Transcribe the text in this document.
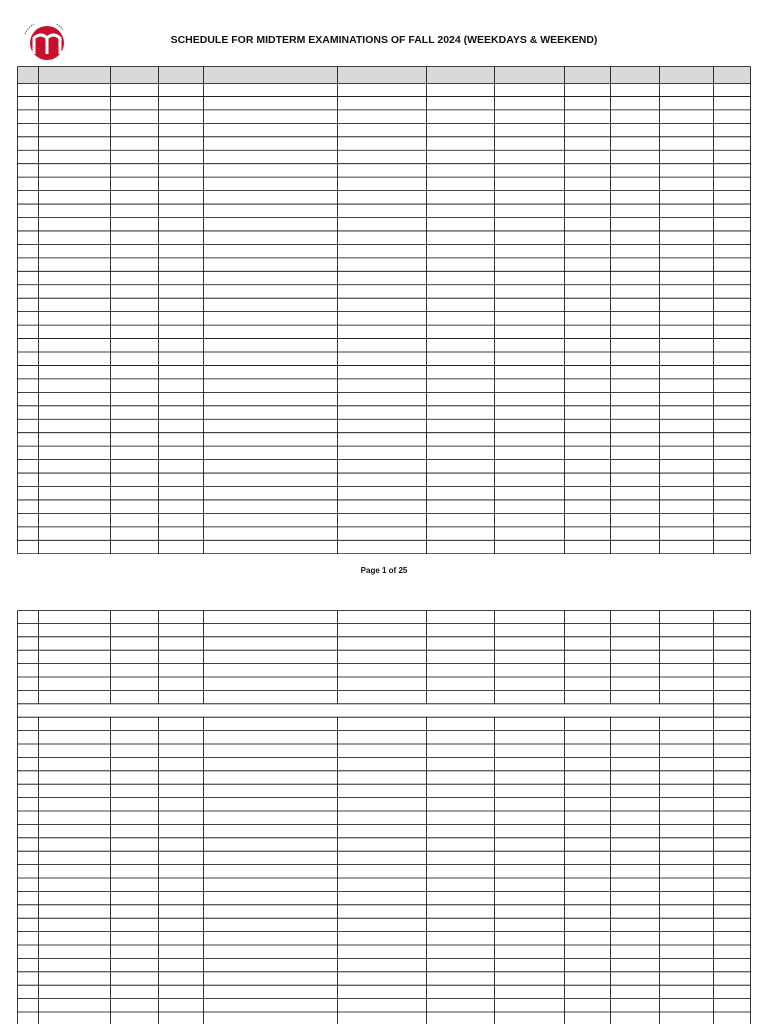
SCHEDULE FOR MIDTERM EXAMINATIONS OF FALL 2024 (WEEKDAYS & WEEKEND)
Page 1 of 25
